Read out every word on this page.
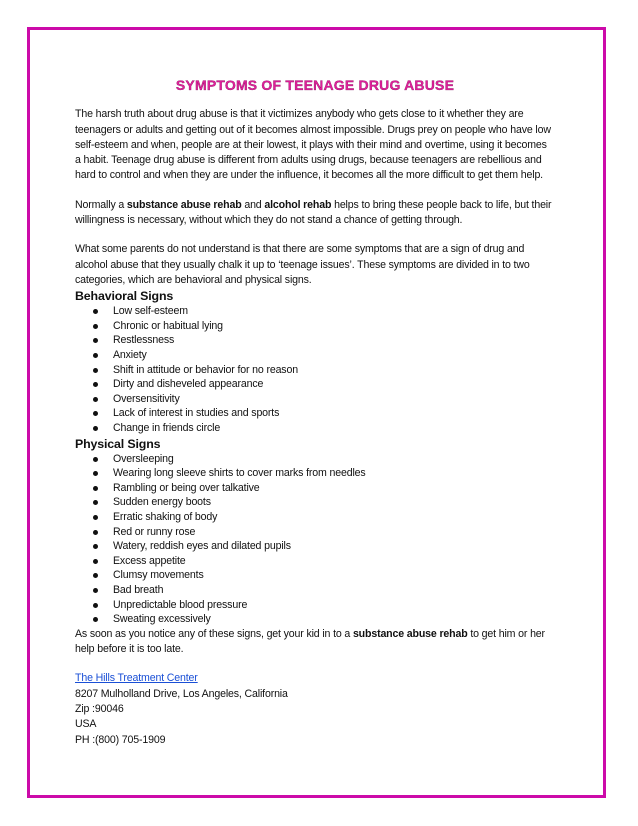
SYMPTOMS OF TEENAGE DRUG ABUSE

The harsh truth about drug abuse is that it victimizes anybody who gets close to it whether they are teenagers or adults and getting out of it becomes almost impossible. Drugs prey on people who have low self-esteem and when, people are at their lowest, it plays with their mind and overtime, using it becomes a habit. Teenage drug abuse is different from adults using drugs, because teenagers are rebellious and hard to control and when they are under the influence, it becomes all the more difficult to get them help.

Normally a substance abuse rehab and alcohol rehab helps to bring these people back to life, but their willingness is necessary, without which they do not stand a chance of getting through.

What some parents do not understand is that there are some symptoms that are a sign of drug and alcohol abuse that they usually chalk it up to ‘teenage issues’. These symptoms are divided in to two categories, which are behavioral and physical signs.

Behavioral Signs
Low self-esteem
Chronic or habitual lying
Restlessness
Anxiety
Shift in attitude or behavior for no reason
Dirty and disheveled appearance
Oversensitivity
Lack of interest in studies and sports
Change in friends circle
Physical Signs
Oversleeping
Wearing long sleeve shirts to cover marks from needles
Rambling or being over talkative
Sudden energy boots
Erratic shaking of body
Red or runny rose
Watery, reddish eyes and dilated pupils
Excess appetite
Clumsy movements
Bad breath
Unpredictable blood pressure
Sweating excessively

As soon as you notice any of these signs, get your kid in to a substance abuse rehab to get him or her help before it is too late.

The Hills Treatment Center
8207 Mulholland Drive, Los Angeles, California
Zip :90046
USA
PH :(800) 705-1909
